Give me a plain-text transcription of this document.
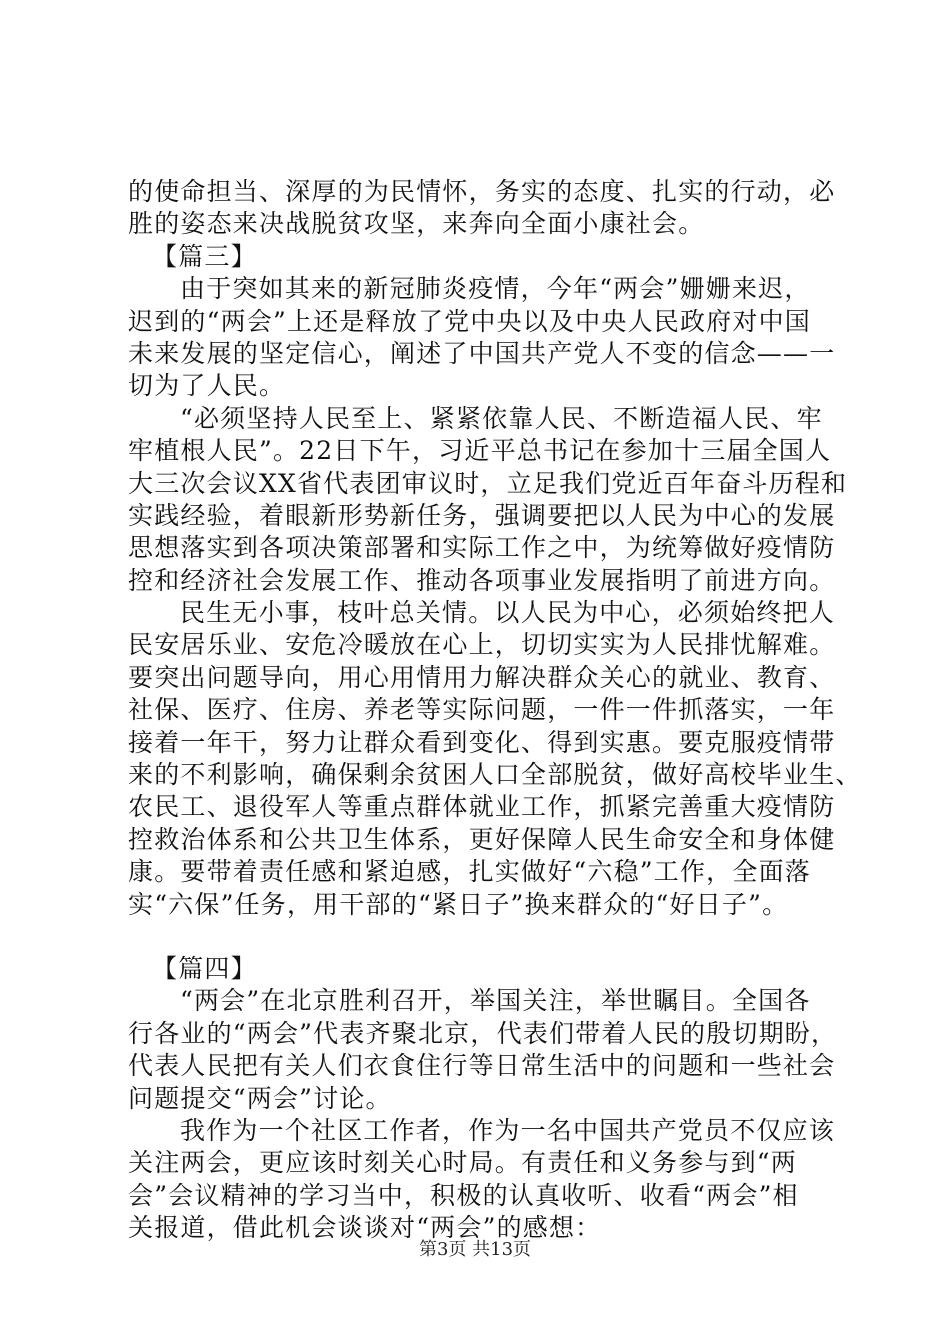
的使命担当、深厚的为民情怀，务实的态度、扎实的行动，必
胜的姿态来决战脱贫攻坚，来奔向全面小康社会。
【篇三】
由于突如其来的新冠肺炎疫情，今年“两会”姗姗来迟，
迟到的“两会”上还是释放了党中央以及中央人民政府对中国
未来发展的坚定信心，阐述了中国共产党人不变的信念——一
切为了人民。
“必须坚持人民至上、紧紧依靠人民、不断造福人民、牢
牢植根人民”。22日下午，习近平总书记在参加十三届全国人
大三次会议XX省代表团审议时，立足我们党近百年奋斗历程和
实践经验，着眼新形势新任务，强调要把以人民为中心的发展
思想落实到各项决策部署和实际工作之中，为统筹做好疫情防
控和经济社会发展工作、推动各项事业发展指明了前进方向。
民生无小事，枝叶总关情。以人民为中心，必须始终把人
民安居乐业、安危冷暖放在心上，切切实实为人民排忧解难。
要突出问题导向，用心用情用力解决群众关心的就业、教育、
社保、医疗、住房、养老等实际问题，一件一件抓落实，一年
接着一年干，努力让群众看到变化、得到实惠。要克服疫情带
来的不利影响，确保剩余贫困人口全部脱贫，做好高校毕业生、
农民工、退役军人等重点群体就业工作，抓紧完善重大疫情防
控救治体系和公共卫生体系，更好保障人民生命安全和身体健
康。要带着责任感和紧迫感，扎实做好“六稳”工作，全面落
实“六保”任务，用干部的“紧日子”换来群众的“好日子”。
【篇四】
“两会”在北京胜利召开，举国关注，举世瞩目。全国各
行各业的“两会”代表齐聚北京，代表们带着人民的殷切期盼，
代表人民把有关人们衣食住行等日常生活中的问题和一些社会
问题提交“两会”讨论。
我作为一个社区工作者，作为一名中国共产党员不仅应该
关注两会，更应该时刻关心时局。有责任和义务参与到“两
会”会议精神的学习当中，积极的认真收听、收看“两会”相
关报道，借此机会谈谈对“两会”的感想：
第3页 共13页
